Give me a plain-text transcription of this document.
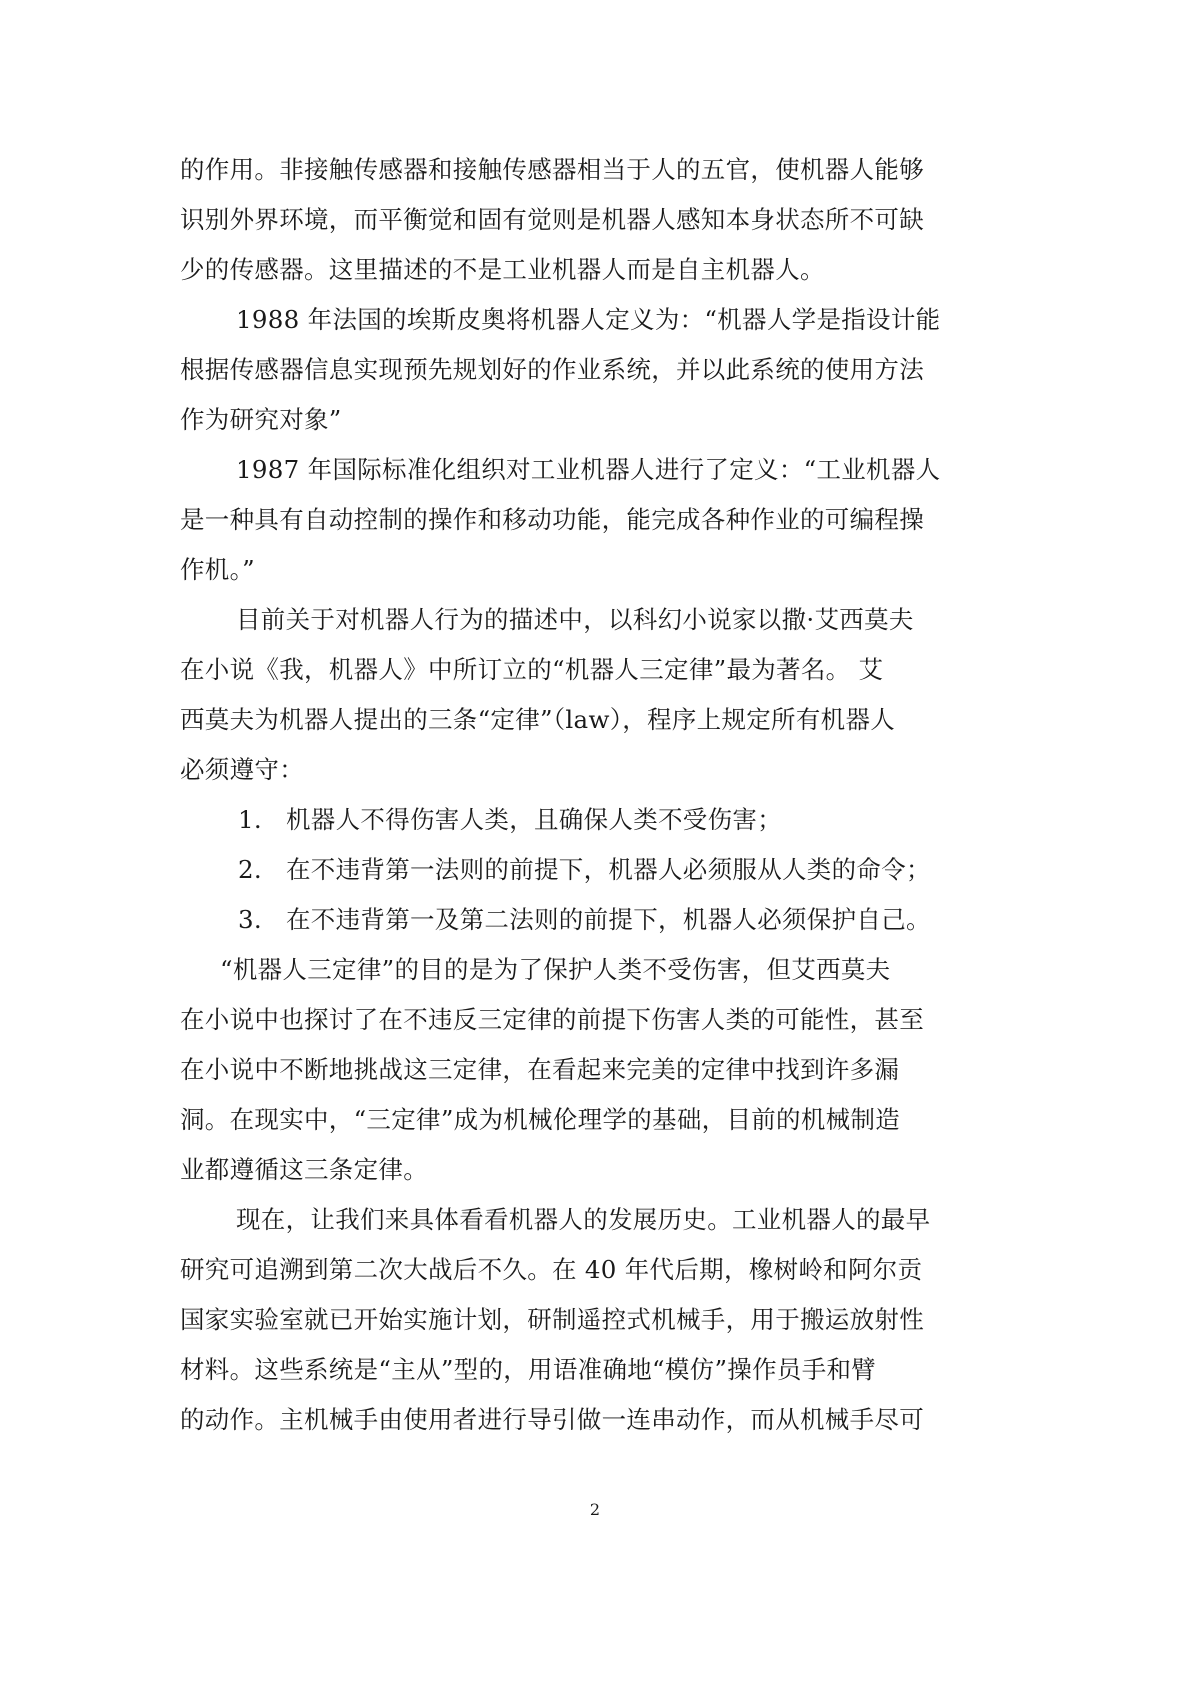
的作用。非接触传感器和接触传感器相当于人的五官，使机器人能够
识别外界环境，而平衡觉和固有觉则是机器人感知本身状态所不可缺
少的传感器。这里描述的不是工业机器人而是自主机器人。
1988 年法国的埃斯皮奥将机器人定义为：“机器人学是指设计能
根据传感器信息实现预先规划好的作业系统，并以此系统的使用方法
作为研究对象”
1987 年国际标准化组织对工业机器人进行了定义：“工业机器人
是一种具有自动控制的操作和移动功能，能完成各种作业的可编程操
作机。”
目前关于对机器人行为的描述中，以科幻小说家以撒·艾西莫夫
在小说《我，机器人》中所订立的“机器人三定律”最为著名。 艾
西莫夫为机器人提出的三条“定律”（law），程序上规定所有机器人
必须遵守：
1. 机器人不得伤害人类，且确保人类不受伤害；
2. 在不违背第一法则的前提下，机器人必须服从人类的命令；
3. 在不违背第一及第二法则的前提下，机器人必须保护自己。
“机器人三定律”的目的是为了保护人类不受伤害，但艾西莫夫
在小说中也探讨了在不违反三定律的前提下伤害人类的可能性，甚至
在小说中不断地挑战这三定律，在看起来完美的定律中找到许多漏
洞。在现实中，“三定律”成为机械伦理学的基础，目前的机械制造
业都遵循这三条定律。
现在，让我们来具体看看机器人的发展历史。工业机器人的最早
研究可追溯到第二次大战后不久。在 40 年代后期，橡树岭和阿尔贡
国家实验室就已开始实施计划，研制遥控式机械手，用于搬运放射性
材料。这些系统是“主从”型的，用语准确地“模仿”操作员手和臂
的动作。主机械手由使用者进行导引做一连串动作，而从机械手尽可
2
